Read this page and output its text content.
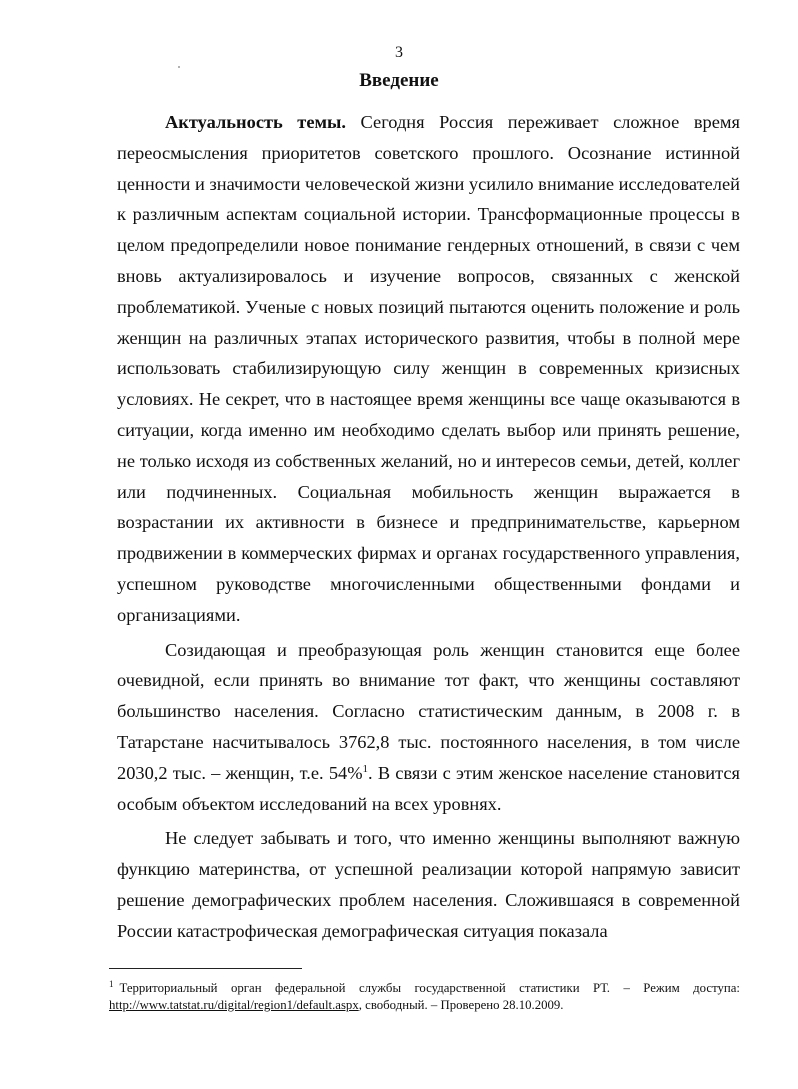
3
Введение

Актуальность темы. Сегодня Россия переживает сложное время переосмысления приоритетов советского прошлого. Осознание истинной ценности и значимости человеческой жизни усилило внимание исследователей к различным аспектам социальной истории. Трансформационные процессы в целом предопределили новое понимание гендерных отношений, в связи с чем вновь актуализировалось и изучение вопросов, связанных с женской проблематикой. Ученые с новых позиций пытаются оценить положение и роль женщин на различных этапах исторического развития, чтобы в полной мере использовать стабилизирующую силу женщин в современных кризисных условиях. Не секрет, что в настоящее время женщины все чаще оказываются в ситуации, когда именно им необходимо сделать выбор или принять решение, не только исходя из собственных желаний, но и интересов семьи, детей, коллег или подчиненных. Социальная мобильность женщин выражается в возрастании их активности в бизнесе и предпринимательстве, карьерном продвижении в коммерческих фирмах и органах государственного управления, успешном руководстве многочисленными общественными фондами и организациями.

Созидающая и преобразующая роль женщин становится еще более очевидной, если принять во внимание тот факт, что женщины составляют большинство населения. Согласно статистическим данным, в 2008 г. в Татарстане насчитывалось 3762,8 тыс. постоянного населения, в том числе 2030,2 тыс. – женщин, т.е. 54%$^1$. В связи с этим женское население становится особым объектом исследований на всех уровнях.

Не следует забывать и того, что именно женщины выполняют важную функцию материнства, от успешной реализации которой напрямую зависит решение демографических проблем населения. Сложившаяся в современной России катастрофическая демографическая ситуация показала

$^1$ Территориальный орган федеральной службы государственной статистики РТ. – Режим доступа: http://www.tatstat.ru/digital/region1/default.aspx, свободный. – Проверено 28.10.2009.
